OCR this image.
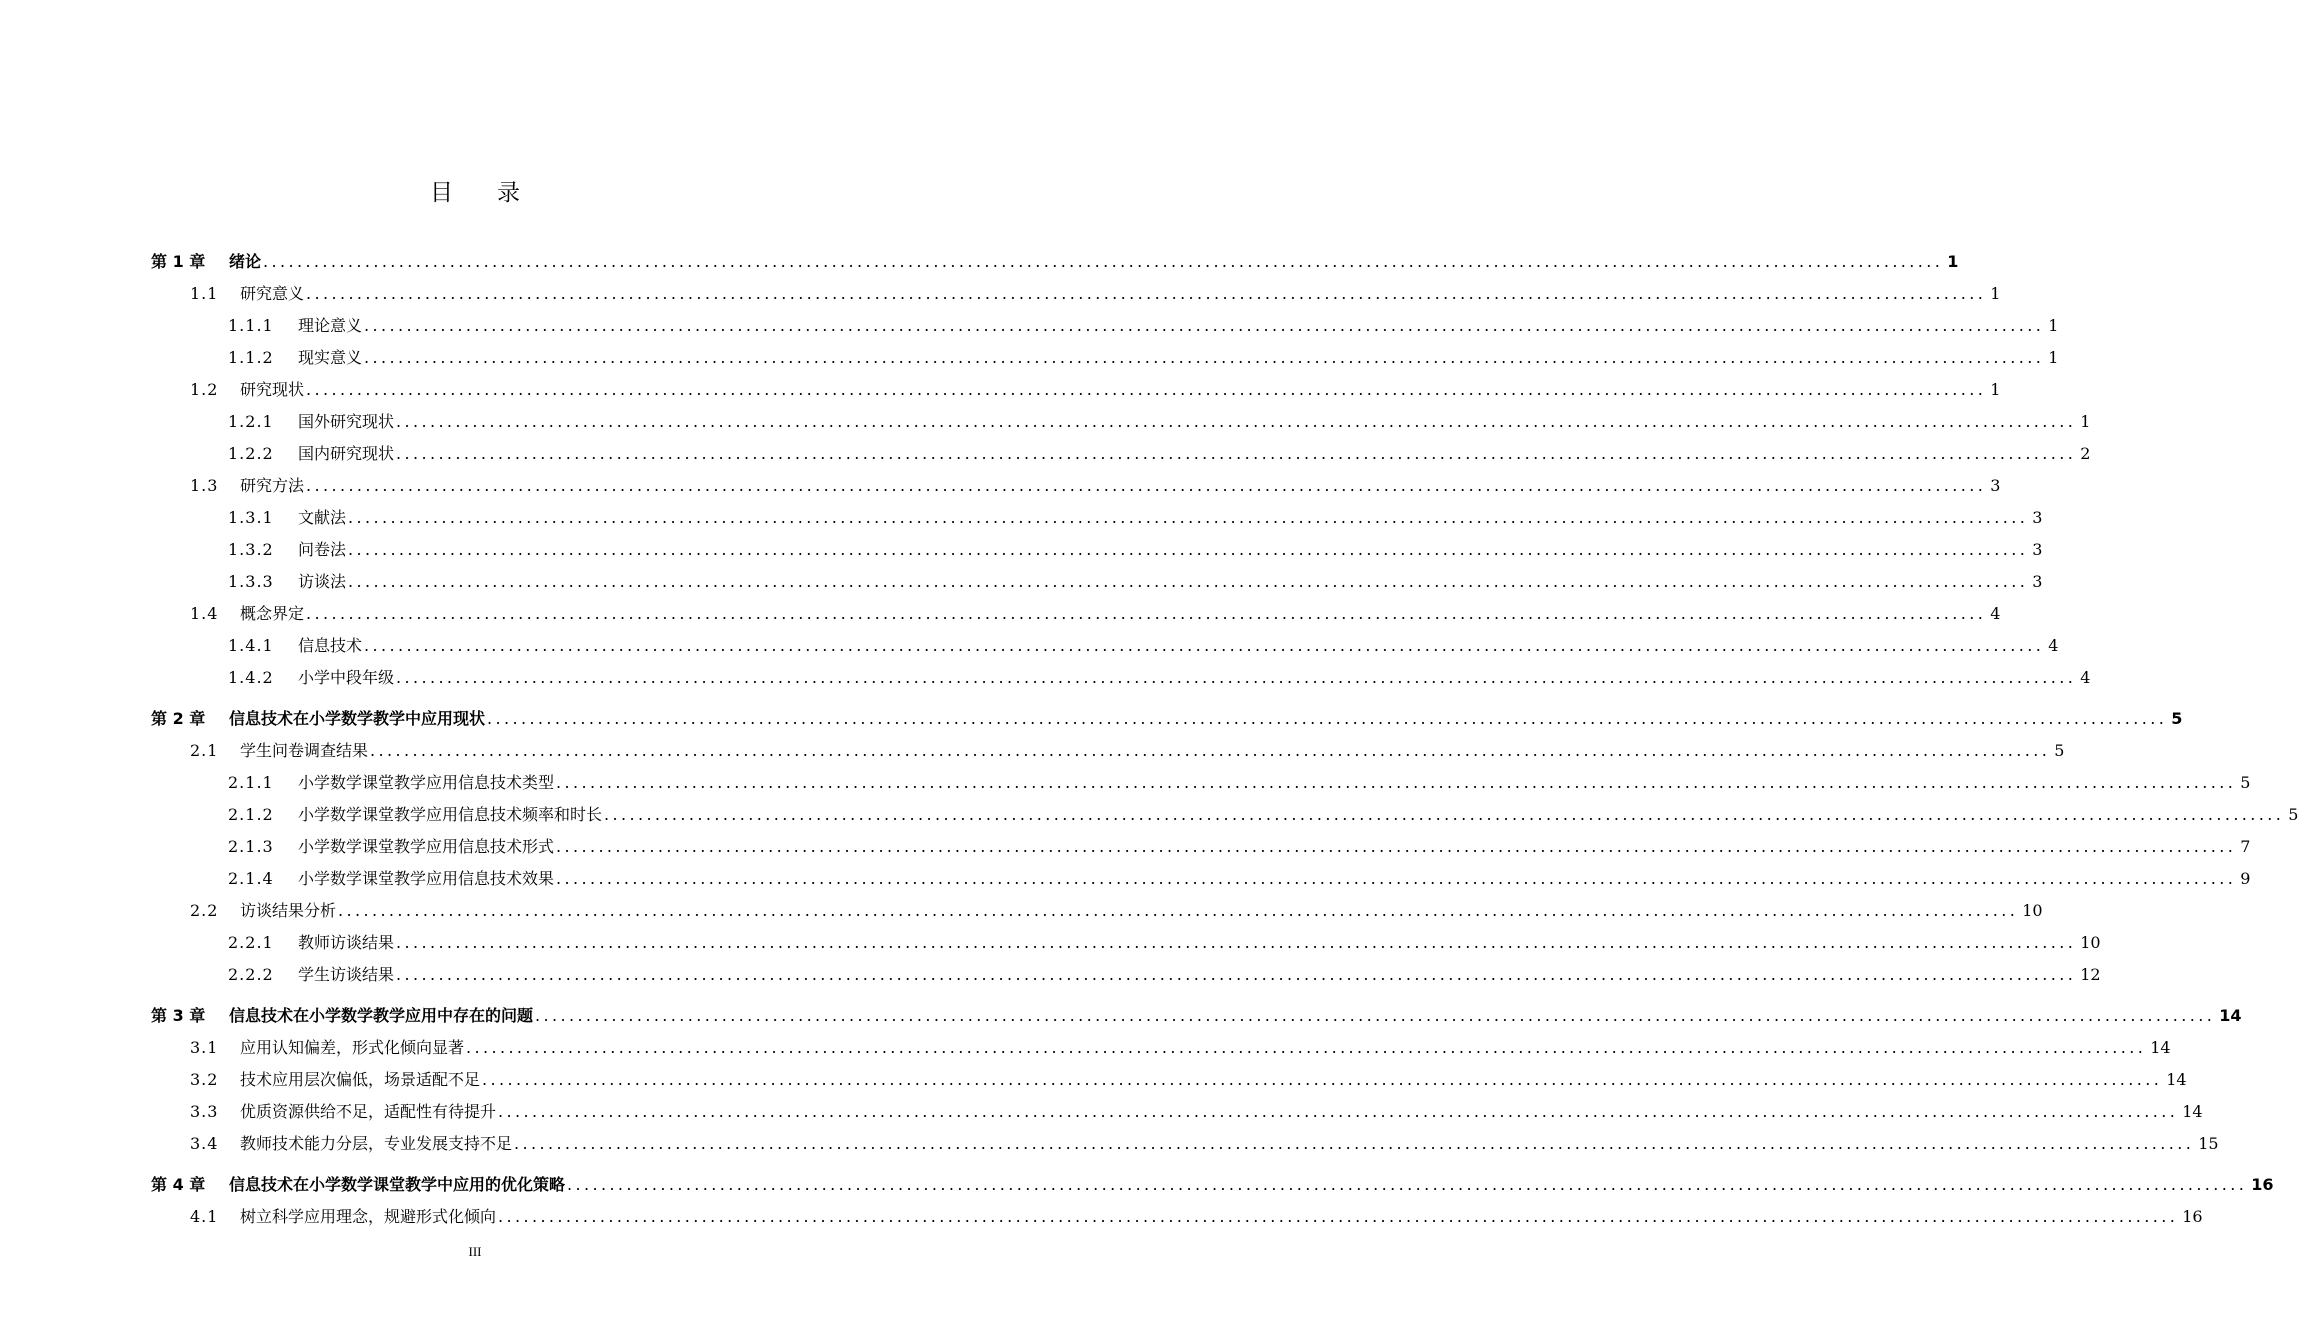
目录
第 1 章	绪论 ...................................................................................................................................................................................................... 1
1.1	研究意义 ...................................................................................................................................................................................................... 1
1.1.1	理论意义 ...................................................................................................................................................................................................... 1
1.1.2	现实意义 ...................................................................................................................................................................................................... 1
1.2	研究现状 ...................................................................................................................................................................................................... 1
1.2.1	国外研究现状 ...................................................................................................................................................................................................... 1
1.2.2	国内研究现状 ...................................................................................................................................................................................................... 2
1.3	研究方法 ...................................................................................................................................................................................................... 3
1.3.1	文献法 ...................................................................................................................................................................................................... 3
1.3.2	问卷法 ...................................................................................................................................................................................................... 3
1.3.3	访谈法 ...................................................................................................................................................................................................... 3
1.4	概念界定 ...................................................................................................................................................................................................... 4
1.4.1	信息技术 ...................................................................................................................................................................................................... 4
1.4.2	小学中段年级 ...................................................................................................................................................................................................... 4
第 2 章	信息技术在小学数学教学中应用现状 ...................................................................................................................................................................................................... 5
2.1	学生问卷调查结果 ...................................................................................................................................................................................................... 5
2.1.1	小学数学课堂教学应用信息技术类型 ...................................................................................................................................................................................................... 5
2.1.2	小学数学课堂教学应用信息技术频率和时长 ...................................................................................................................................................................................................... 5
2.1.3	小学数学课堂教学应用信息技术形式 ...................................................................................................................................................................................................... 7
2.1.4	小学数学课堂教学应用信息技术效果 ...................................................................................................................................................................................................... 9
2.2	访谈结果分析 ...................................................................................................................................................................................................... 10
2.2.1	教师访谈结果 ...................................................................................................................................................................................................... 10
2.2.2	学生访谈结果 ...................................................................................................................................................................................................... 12
第 3 章	信息技术在小学数学教学应用中存在的问题 ...................................................................................................................................................................................................... 14
3.1	应用认知偏差，形式化倾向显著 ...................................................................................................................................................................................................... 14
3.2	技术应用层次偏低，场景适配不足 ...................................................................................................................................................................................................... 14
3.3	优质资源供给不足，适配性有待提升 ...................................................................................................................................................................................................... 14
3.4	教师技术能力分层，专业发展支持不足 ...................................................................................................................................................................................................... 15
第 4 章	信息技术在小学数学课堂教学中应用的优化策略 ...................................................................................................................................................................................................... 16
4.1	树立科学应用理念，规避形式化倾向 ...................................................................................................................................................................................................... 16
III
